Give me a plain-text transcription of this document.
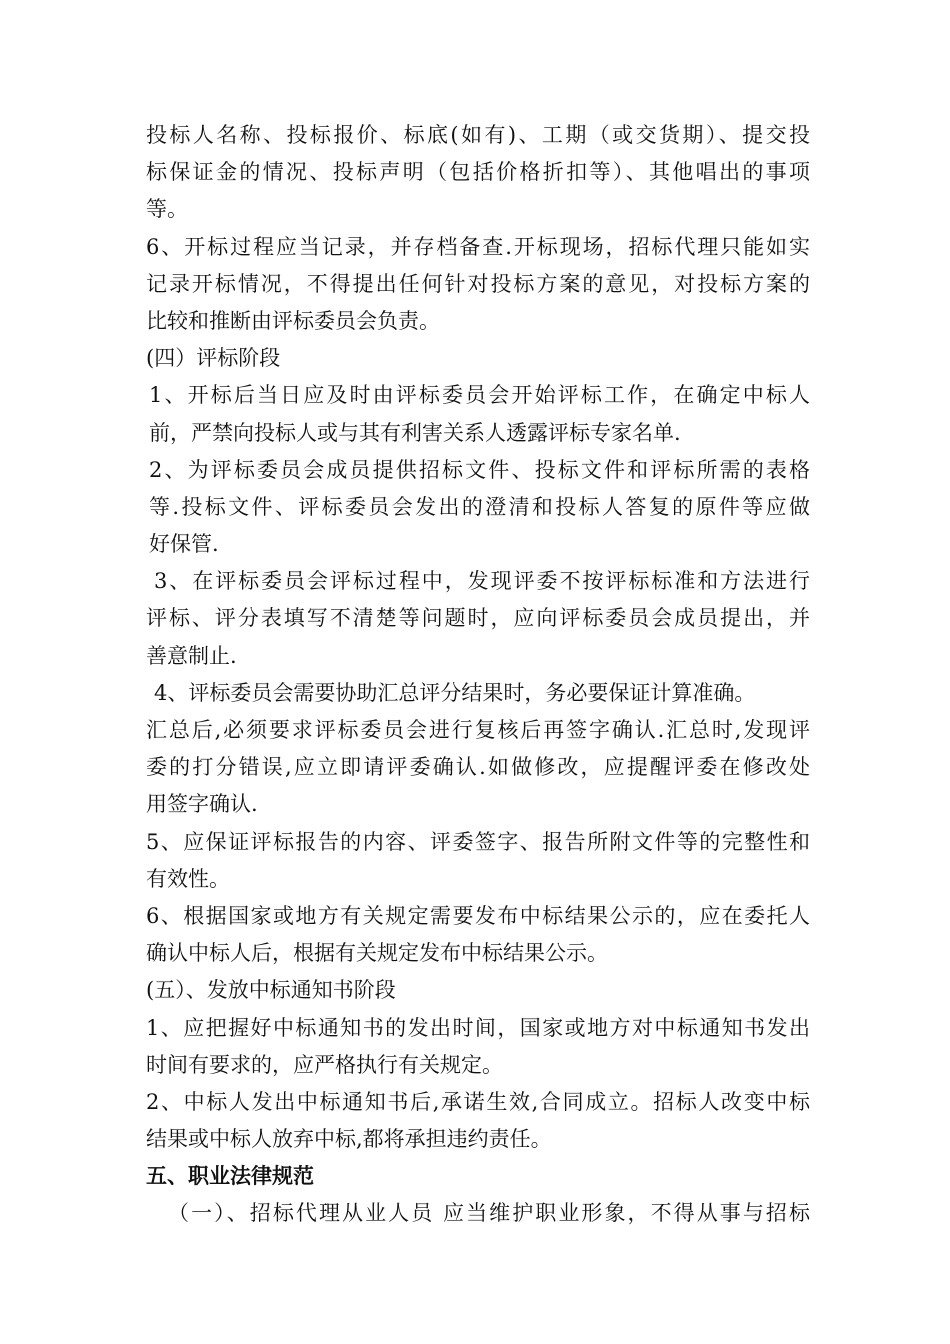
投标人名称、投标报价、标底(如有)、工期（或交货期）、提交投
标保证金的情况、投标声明（包括价格折扣等）、其他唱出的事项
等。
6、开标过程应当记录，并存档备查.开标现场，招标代理只能如实
记录开标情况，不得提出任何针对投标方案的意见，对投标方案的
比较和推断由评标委员会负责。
(四）评标阶段
1、开标后当日应及时由评标委员会开始评标工作，在确定中标人
前，严禁向投标人或与其有利害关系人透露评标专家名单.
2、为评标委员会成员提供招标文件、投标文件和评标所需的表格
等.投标文件、评标委员会发出的澄清和投标人答复的原件等应做
好保管.
3、在评标委员会评标过程中，发现评委不按评标标准和方法进行
评标、评分表填写不清楚等问题时，应向评标委员会成员提出，并
善意制止.
4、评标委员会需要协助汇总评分结果时，务必要保证计算准确。
汇总后,必须要求评标委员会进行复核后再签字确认.汇总时,发现评
委的打分错误,应立即请评委确认.如做修改，应提醒评委在修改处
用签字确认.
5、应保证评标报告的内容、评委签字、报告所附文件等的完整性和
有效性。
6、根据国家或地方有关规定需要发布中标结果公示的，应在委托人
确认中标人后，根据有关规定发布中标结果公示。
(五）、发放中标通知书阶段
1、应把握好中标通知书的发出时间，国家或地方对中标通知书发出
时间有要求的，应严格执行有关规定。
2、中标人发出中标通知书后,承诺生效,合同成立。招标人改变中标
结果或中标人放弃中标,都将承担违约责任。
五、职业法律规范
（一）、招标代理从业人员 应当维护职业形象，不得从事与招标
